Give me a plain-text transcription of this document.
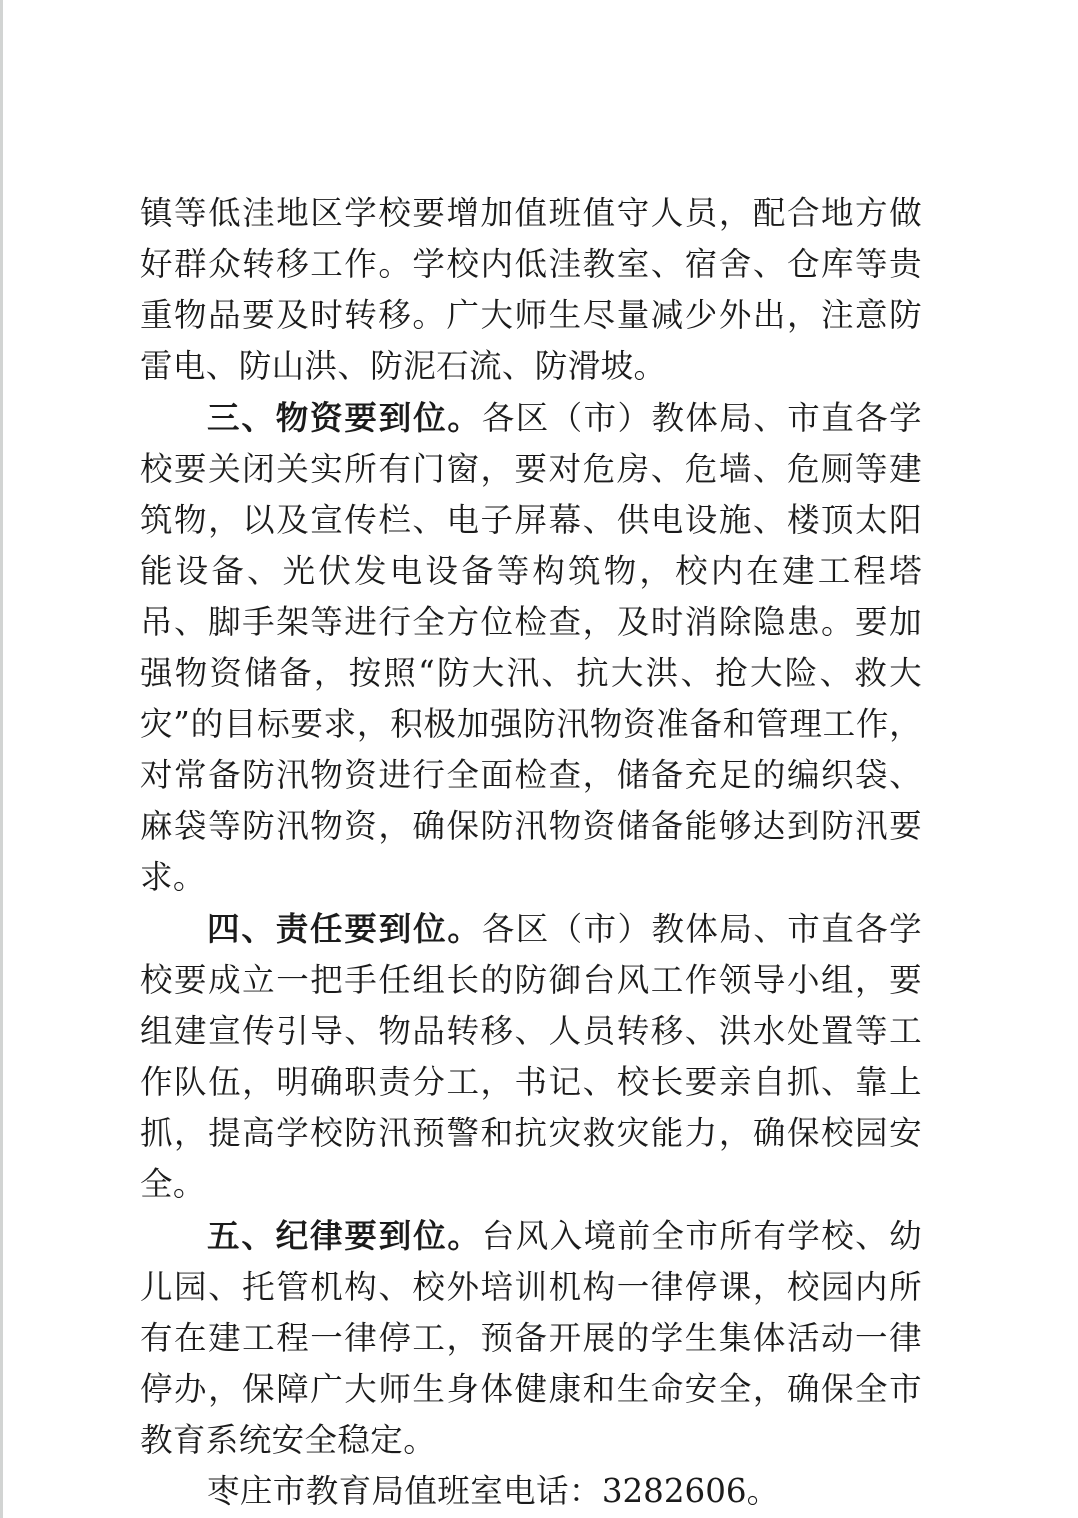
镇等低洼地区学校要增加值班值守人员，配合地方做好群众转移工作。学校内低洼教室、宿舍、仓库等贵重物品要及时转移。广大师生尽量减少外出，注意防雷电、防山洪、防泥石流、防滑坡。

三、物资要到位。各区（市）教体局、市直各学校要关闭关实所有门窗，要对危房、危墙、危厕等建筑物，以及宣传栏、电子屏幕、供电设施、楼顶太阳能设备、光伏发电设备等构筑物，校内在建工程塔吊、脚手架等进行全方位检查，及时消除隐患。要加强物资储备，按照“防大汛、抗大洪、抢大险、救大灾”的目标要求，积极加强防汛物资准备和管理工作，对常备防汛物资进行全面检查，储备充足的编织袋、麻袋等防汛物资，确保防汛物资储备能够达到防汛要求。

四、责任要到位。各区（市）教体局、市直各学校要成立一把手任组长的防御台风工作领导小组，要组建宣传引导、物品转移、人员转移、洪水处置等工作队伍，明确职责分工，书记、校长要亲自抓、靠上抓，提高学校防汛预警和抗灾救灾能力，确保校园安全。

五、纪律要到位。台风入境前全市所有学校、幼儿园、托管机构、校外培训机构一律停课，校园内所有在建工程一律停工，预备开展的学生集体活动一律停办，保障广大师生身体健康和生命安全，确保全市教育系统安全稳定。

枣庄市教育局值班室电话：3282606。
